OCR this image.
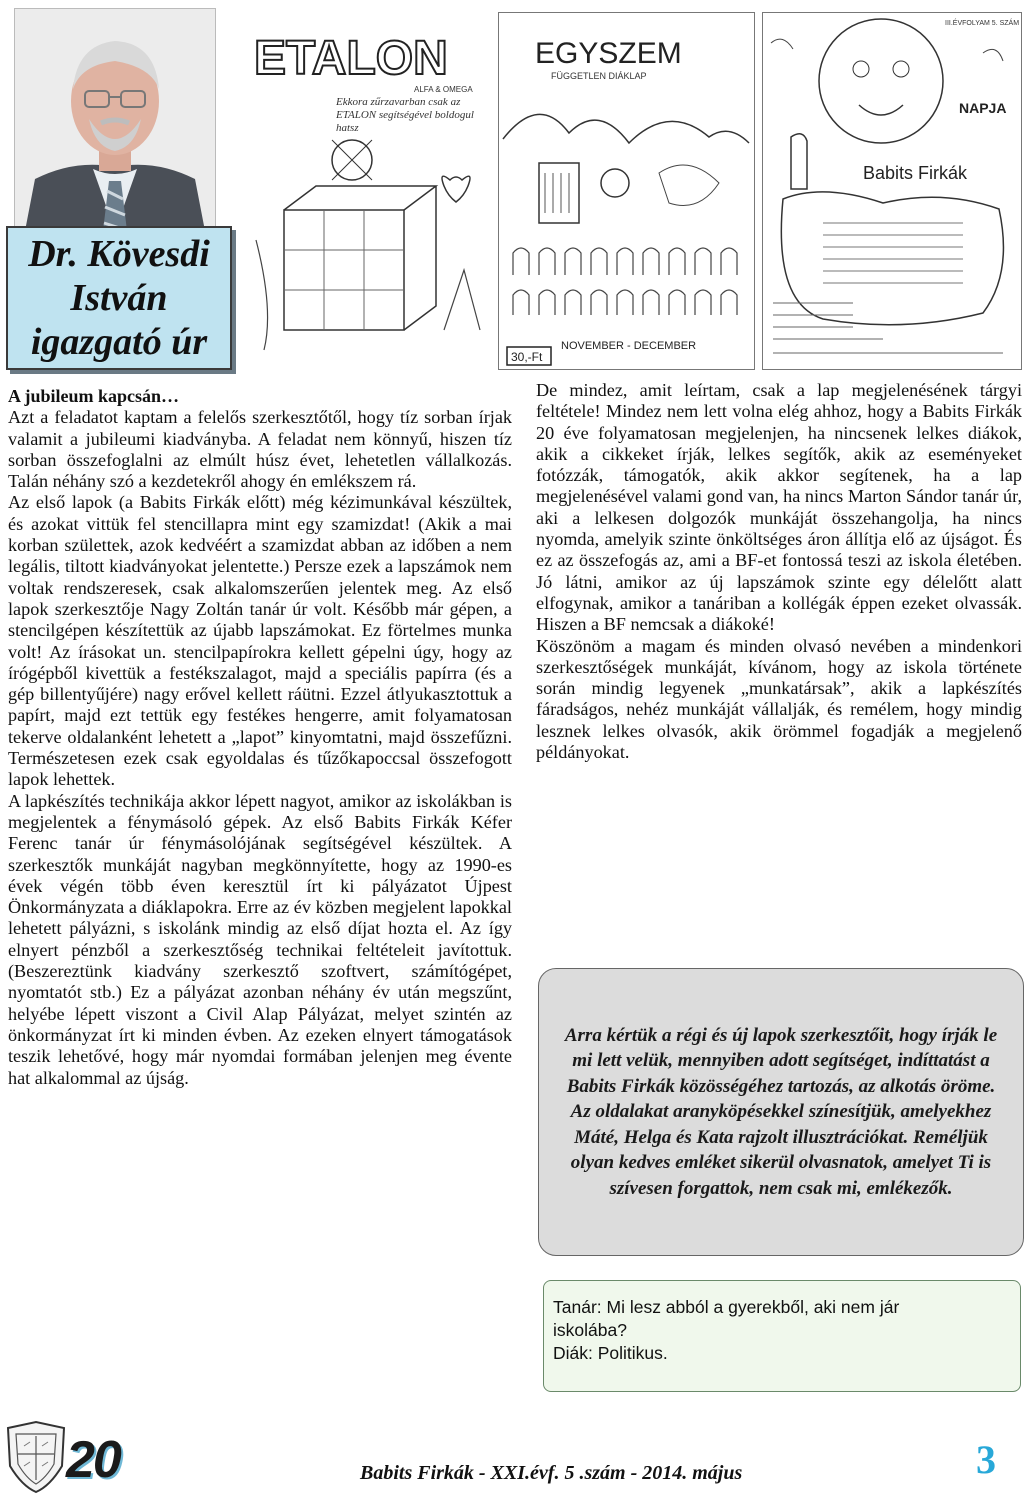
Dr. Kövesdi
István
igazgató úr
ETALON
ALFA & OMEGA
Ekkora zűrzavarban csak az ETALON segítségével boldogul hatsz
EGYSZEM
FÜGGETLEN DIÁKLAP
NOVEMBER - DECEMBER
30,-Ft
III.ÉVFOLYAM 5. SZÁM
NAPJA
Babits Firkák
A jubileum kapcsán…

Azt a feladatot kaptam a felelős szerkesztőtől, hogy tíz sorban írjak valamit a jubileumi kiadványba. A feladat nem könnyű, hiszen tíz sorban összefoglalni az elmúlt húsz évet, lehetetlen vállalkozás. Talán néhány szó a kezdetekről ahogy én emlékszem rá.

Az első lapok (a Babits Firkák előtt) még kézimunkával készültek, és azokat vittük fel stencillapra mint egy szamizdat! (Akik a mai korban születtek, azok kedvéért a szamizdat abban az időben a nem legális, tiltott kiadványokat jelentette.) Persze ezek a lapszámok nem voltak rendszeresek, csak alkalomszerűen jelentek meg. Az első lapok szerkesztője Nagy Zoltán tanár úr volt. Később már gépen, a stencilgépen készítettük az újabb lapszámokat. Ez förtelmes munka volt! Az írásokat un. stencilpapírokra kellett gépelni úgy, hogy az írógépből kivettük a festékszalagot, majd a speciális papírra (és a gép billentyűjére) nagy erővel kellett ráütni. Ezzel átlyukasztottuk a papírt, majd ezt tettük egy festékes hengerre, amit folyamatosan tekerve oldalanként lehetett a „lapot” kinyomtatni, majd összefűzni. Természetesen ezek csak egyoldalas és tűzőkapoccsal összefogott lapok lehettek.

A lapkészítés technikája akkor lépett nagyot, amikor az iskolákban is megjelentek a fénymásoló gépek. Az első Babits Firkák Kéfer Ferenc tanár úr fénymásolójának segítségével készültek. A szerkesztők munkáját nagyban megkönnyítette, hogy az 1990-es évek végén több éven keresztül írt ki pályázatot Újpest Önkormányzata a diáklapokra. Erre az év közben megjelent lapokkal lehetett pályázni, s iskolánk mindig az első díjat hozta el. Az így elnyert pénzből a szerkesztőség technikai feltételeit javítottuk. (Beszereztünk kiadvány szerkesztő szoftvert, számítógépet, nyomtatót stb.) Ez a pályázat azonban néhány év után megszűnt, helyébe lépett viszont a Civil Alap Pályázat, melyet szintén az önkormányzat írt ki minden évben. Az ezeken elnyert támogatások teszik lehetővé, hogy már nyomdai formában jelenjen meg évente hat alkalommal az újság.

De mindez, amit leírtam, csak a lap megjelenésének tárgyi feltétele! Mindez nem lett volna elég ahhoz, hogy a Babits Firkák 20 éve folyamatosan megjelenjen, ha nincsenek lelkes diákok, akik a cikkeket írják, lelkes segítők, akik az eseményeket fotózzák, támogatók, akik akkor segítenek, ha a lap megjelenésével valami gond van, ha nincs Marton Sándor tanár úr, aki a lelkesen dolgozók munkáját összehangolja, ha nincs nyomda, amelyik szinte önköltséges áron állítja elő az újságot. És ez az összefogás az, ami a BF-et fontossá teszi az iskola életében. Jó látni, amikor az új lapszámok szinte egy délelőtt alatt elfogynak, amikor a tanáriban a kollégák éppen ezeket olvassák. Hiszen a BF nemcsak a diákoké!

Köszönöm a magam és minden olvasó nevében a mindenkori szerkesztőségek munkáját, kívánom, hogy az iskola története során mindig legyenek „munkatársak”, akik a lapkészítés fáradságos, nehéz munkáját vállalják, és remélem, hogy mindig lesznek lelkes olvasók, akik örömmel fogadják a megjelenő példányokat.

Arra kértük a régi és új lapok szerkesztőit, hogy írják le mi lett velük, mennyiben adott segítséget, indíttatást a Babits Firkák közösségéhez tartozás, az alkotás öröme. Az oldalakat aranyköpésekkel színesítjük, amelyekhez Máté, Helga és Kata rajzolt illusztrációkat. Reméljük olyan kedves emléket sikerül olvasnatok, amelyet Ti is szívesen forgattok, nem csak mi, emlékezők.

Tanár: Mi lesz abból a gyerekből, aki nem jár
iskolába?
Diák: Politikus.
20	Babits Firkák - XXI.évf. 5 .szám - 2014. május	3
